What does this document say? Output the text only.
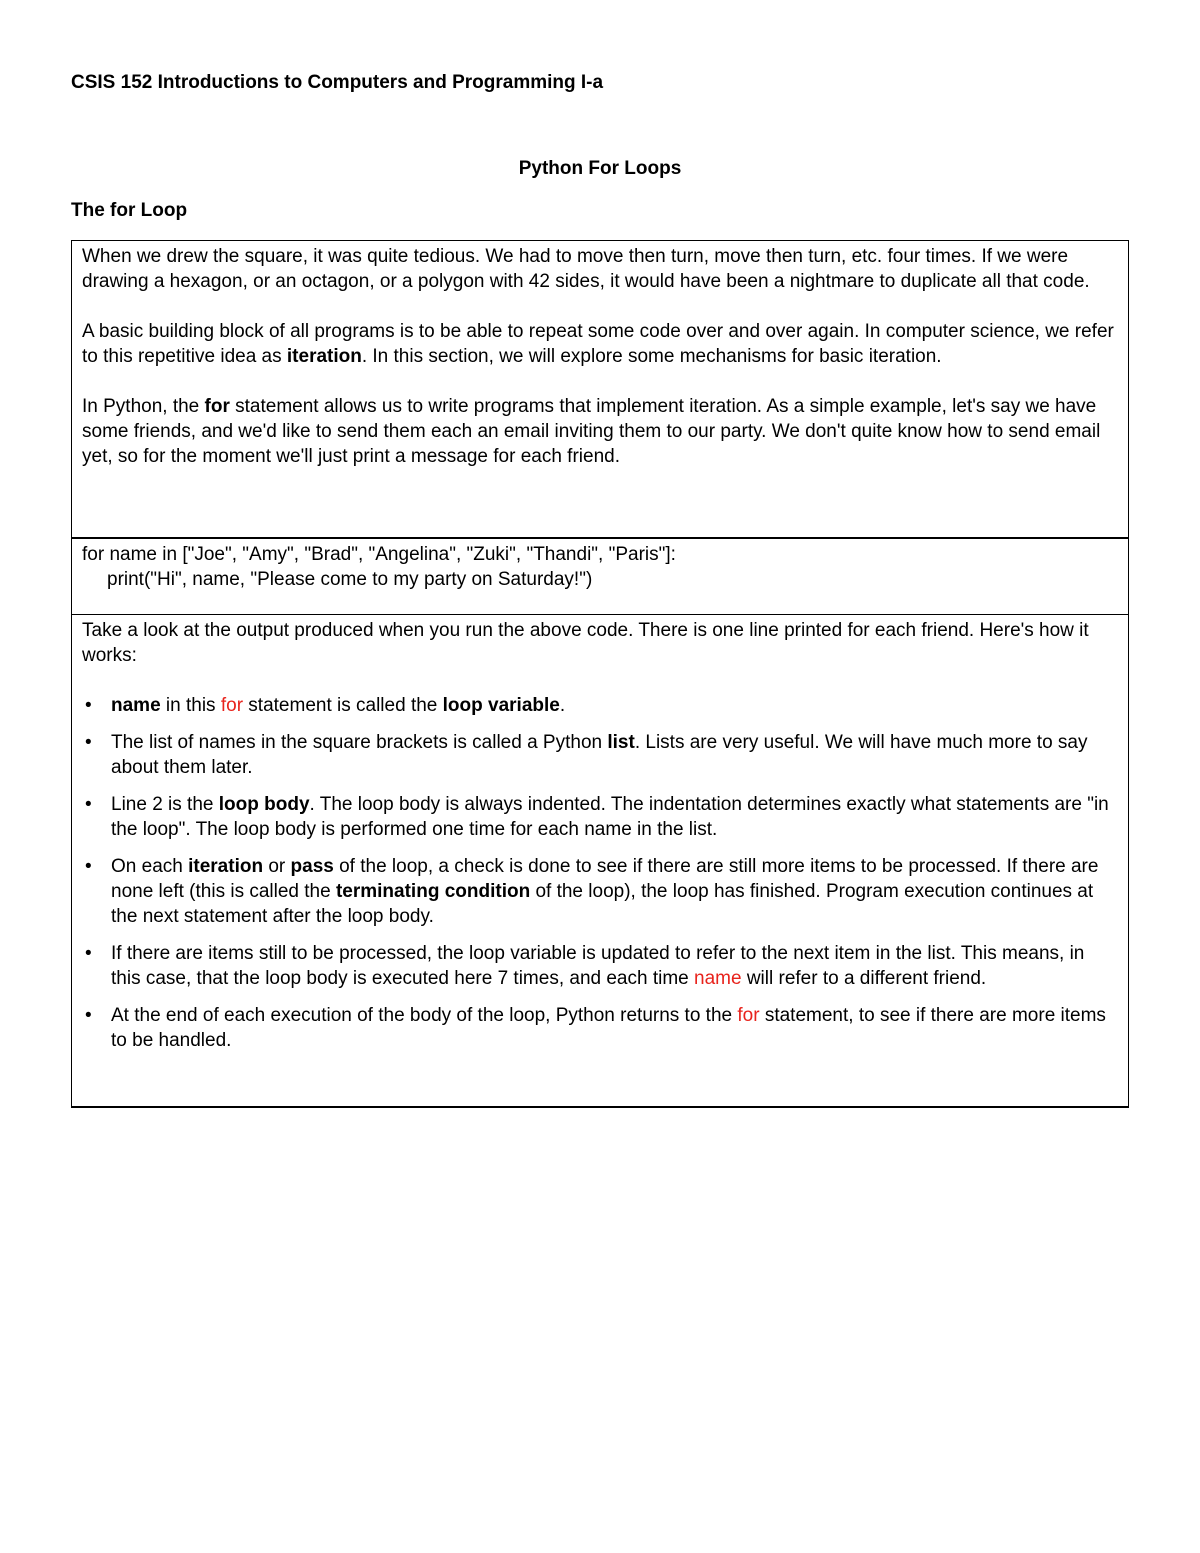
CSIS 152 Introductions to Computers and Programming I-a
Python For Loops
The for Loop

When we drew the square, it was quite tedious. We had to move then turn, move then turn, etc. four times. If we were drawing a hexagon, or an octagon, or a polygon with 42 sides, it would have been a nightmare to duplicate all that code.

A basic building block of all programs is to be able to repeat some code over and over again. In computer science, we refer to this repetitive idea as iteration. In this section, we will explore some mechanisms for basic iteration.

In Python, the for statement allows us to write programs that implement iteration. As a simple example, let's say we have some friends, and we'd like to send them each an email inviting them to our party. We don't quite know how to send email yet, so for the moment we'll just print a message for each friend.

for name in ["Joe", "Amy", "Brad", "Angelina", "Zuki", "Thandi", "Paris"]:
print("Hi", name, "Please come to my party on Saturday!")

Take a look at the output produced when you run the above code. There is one line printed for each friend. Here's how it works:

• name in this for statement is called the loop variable.
• The list of names in the square brackets is called a Python list. Lists are very useful. We will have much more to say about them later.
• Line 2 is the loop body. The loop body is always indented. The indentation determines exactly what statements are "in the loop". The loop body is performed one time for each name in the list.
• On each iteration or pass of the loop, a check is done to see if there are still more items to be processed. If there are none left (this is called the terminating condition of the loop), the loop has finished. Program execution continues at the next statement after the loop body.
• If there are items still to be processed, the loop variable is updated to refer to the next item in the list. This means, in this case, that the loop body is executed here 7 times, and each time name will refer to a different friend.
• At the end of each execution of the body of the loop, Python returns to the for statement, to see if there are more items to be handled.
